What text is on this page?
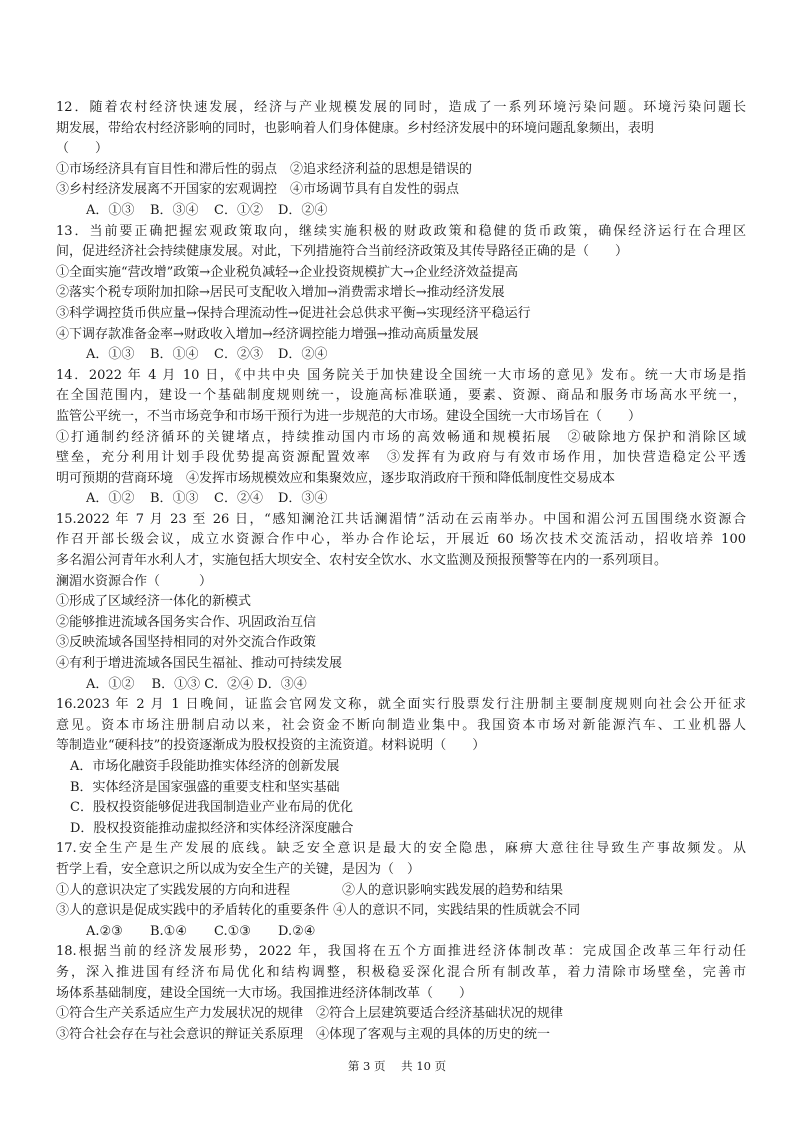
12．随着农村经济快速发展，经济与产业规模发展的同时，造成了一系列环境污染问题。环境污染问题长
期发展，带给农村经济影响的同时，也影响着人们身体健康。乡村经济发展中的环境问题乱象频出，表明
（　　）
①市场经济具有盲目性和滞后性的弱点　②追求经济利益的思想是错误的
③乡村经济发展离不开国家的宏观调控　④市场调节具有自发性的弱点
A．①③ B．③④ C．①② D．②④
13．当前要正确把握宏观政策取向，继续实施积极的财政政策和稳健的货币政策，确保经济运行在合理区
间，促进经济社会持续健康发展。对此，下列措施符合当前经济政策及其传导路径正确的是（　　）
①全面实施“营改增”政策→企业税负减轻→企业投资规模扩大→企业经济效益提高
②落实个税专项附加扣除→居民可支配收入增加→消费需求增长→推动经济发展
③科学调控货币供应量→保持合理流动性→促进社会总供求平衡→实现经济平稳运行
④下调存款准备金率→财政收入增加→经济调控能力增强→推动高质量发展
A．①③ B．①④ C．②③ D．②④
14．2022 年 4 月 10 日，《中共中央 国务院关于加快建设全国统一大市场的意见》发布。统一大市场是指
在全国范围内，建设一个基础制度规则统一，设施高标准联通，要素、资源、商品和服务市场高水平统一，
监管公平统一，不当市场竞争和市场干预行为进一步规范的大市场。建设全国统一大市场旨在（　　）
①打通制约经济循环的关键堵点，持续推动国内市场的高效畅通和规模拓展　②破除地方保护和消除区域
壁垒，充分利用计划手段优势提高资源配置效率　③发挥有为政府与有效市场作用，加快营造稳定公平透
明可预期的营商环境　④发挥市场规模效应和集聚效应，逐步取消政府干预和降低制度性交易成本
A．①② B．①③ C．②④ D．③④
15.2022 年 7 月 23 至 26 日，“感知澜沧江共话澜湄情”活动在云南举办。中国和湄公河五国围绕水资源合
作召开部长级会议，成立水资源合作中心，举办合作论坛，开展近 60 场次技术交流活动，招收培养 100
多名湄公河青年水利人才，实施包括大坝安全、农村安全饮水、水文监测及预报预警等在内的一系列项目。
澜湄水资源合作（　　　）
①形成了区域经济一体化的新模式
②能够推进流域各国务实合作、巩固政治互信
③反映流域各国坚持相同的对外交流合作政策
④有利于增进流域各国民生福祉、推动可持续发展
A．①②　 B．①③ C．②④ D．③④
16.2023 年 2 月 1 日晚间，证监会官网发文称，就全面实行股票发行注册制主要制度规则向社会公开征求
意见。资本市场注册制启动以来，社会资金不断向制造业集中。我国资本市场对新能源汽车、工业机器人
等制造业“硬科技”的投资逐渐成为股权投资的主流资道。材料说明（　　）
A．市场化融资手段能助推实体经济的创新发展
B．实体经济是国家强盛的重要支柱和坚实基础
C．股权投资能够促进我国制造业产业布局的优化
D．股权投资能推动虚拟经济和实体经济深度融合
17.安全生产是生产发展的底线。缺乏安全意识是最大的安全隐患，麻痹大意往往导致生产事故频发。从
哲学上看，安全意识之所以成为安全生产的关键，是因为（　）
①人的意识决定了实践发展的方向和进程　　　　②人的意识影响实践发展的趋势和结果
③人的意识是促成实践中的矛盾转化的重要条件 ④人的意识不同，实践结果的性质就会不同
A.②③ B.①④ C.①③ D.②④
18.根据当前的经济发展形势，2022 年，我国将在五个方面推进经济体制改革：完成国企改革三年行动任
务，深入推进国有经济布局优化和结构调整，积极稳妥深化混合所有制改革，着力清除市场壁垒，完善市
场体系基础制度，建设全国统一大市场。我国推进经济体制改革（　　）
①符合生产关系适应生产力发展状况的规律　②符合上层建筑要适合经济基础状况的规律
③符合社会存在与社会意识的辩证关系原理　④体现了客观与主观的具体的历史的统一
第 3 页 共 10 页
